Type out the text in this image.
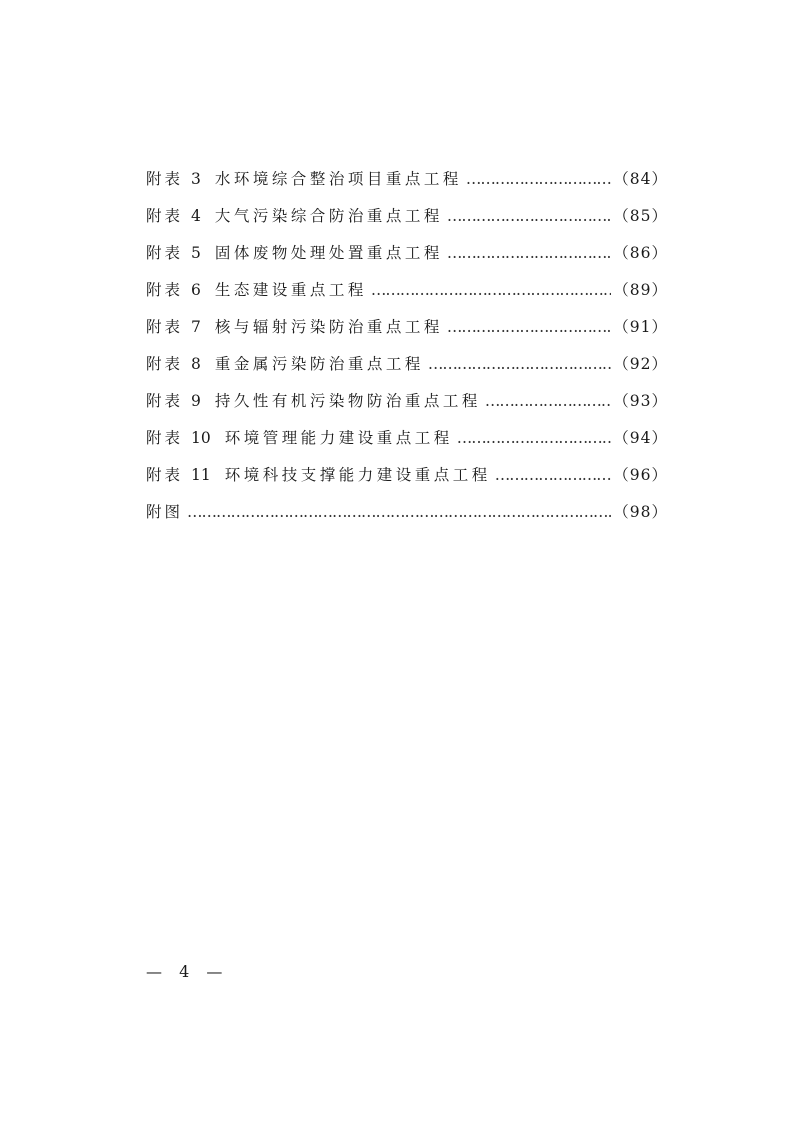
附表 3 水环境综合整治项目重点工程 ……………………………………………………………………………………………………………………………………………………	（84）
附表 4 大气污染综合防治重点工程 ……………………………………………………………………………………………………………………………………………………	（85）
附表 5 固体废物处理处置重点工程 ……………………………………………………………………………………………………………………………………………………	（86）
附表 6 生态建设重点工程 ……………………………………………………………………………………………………………………………………………………	（89）
附表 7 核与辐射污染防治重点工程 ……………………………………………………………………………………………………………………………………………………	（91）
附表 8 重金属污染防治重点工程 ……………………………………………………………………………………………………………………………………………………	（92）
附表 9 持久性有机污染物防治重点工程 ……………………………………………………………………………………………………………………………………………………	（93）
附表 10 环境管理能力建设重点工程 ……………………………………………………………………………………………………………………………………………………	（94）
附表 11 环境科技支撑能力建设重点工程 ……………………………………………………………………………………………………………………………………………………	（96）
附图 ……………………………………………………………………………………………………………………………………………………	（98）
— 4 —
